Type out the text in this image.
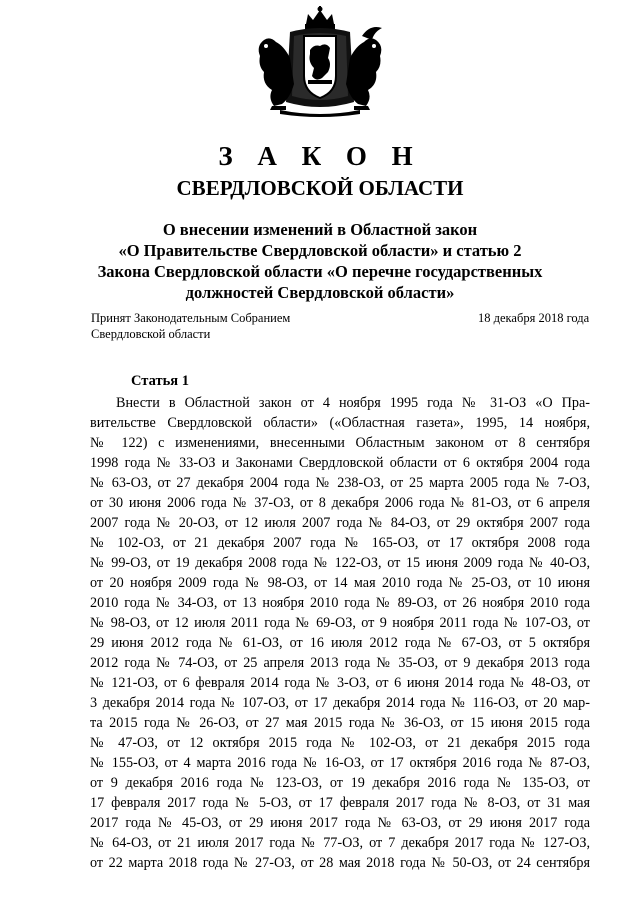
З А К О Н
СВЕРДЛОВСКОЙ ОБЛАСТИ
О внесении изменений в Областной закон
«О Правительстве Свердловской области» и статью 2
Закона Свердловской области «О перечне государственных
должностей Свердловской области»
Принят Законодательным Собранием
Свердловской области
18 декабря 2018 года
Статья 1
Внести в Областной закон от 4 ноября 1995 года № 31-ОЗ «О Пра-
вительстве Свердловской области» («Областная газета», 1995, 14 ноября,
№ 122) с изменениями, внесенными Областным законом от 8 сентября
1998 года № 33-ОЗ и Законами Свердловской области от 6 октября 2004 года
№ 63-ОЗ, от 27 декабря 2004 года № 238-ОЗ, от 25 марта 2005 года № 7-ОЗ,
от 30 июня 2006 года № 37-ОЗ, от 8 декабря 2006 года № 81-ОЗ, от 6 апреля
2007 года № 20-ОЗ, от 12 июля 2007 года № 84-ОЗ, от 29 октября 2007 года
№ 102-ОЗ, от 21 декабря 2007 года № 165-ОЗ, от 17 октября 2008 года
№ 99-ОЗ, от 19 декабря 2008 года № 122-ОЗ, от 15 июня 2009 года № 40-ОЗ,
от 20 ноября 2009 года № 98-ОЗ, от 14 мая 2010 года № 25-ОЗ, от 10 июня
2010 года № 34-ОЗ, от 13 ноября 2010 года № 89-ОЗ, от 26 ноября 2010 года
№ 98-ОЗ, от 12 июля 2011 года № 69-ОЗ, от 9 ноября 2011 года № 107-ОЗ, от
29 июня 2012 года № 61-ОЗ, от 16 июля 2012 года № 67-ОЗ, от 5 октября
2012 года № 74-ОЗ, от 25 апреля 2013 года № 35-ОЗ, от 9 декабря 2013 года
№ 121-ОЗ, от 6 февраля 2014 года № 3-ОЗ, от 6 июня 2014 года № 48-ОЗ, от
3 декабря 2014 года № 107-ОЗ, от 17 декабря 2014 года № 116-ОЗ, от 20 мар-
та 2015 года № 26-ОЗ, от 27 мая 2015 года № 36-ОЗ, от 15 июня 2015 года
№ 47-ОЗ, от 12 октября 2015 года № 102-ОЗ, от 21 декабря 2015 года
№ 155-ОЗ, от 4 марта 2016 года № 16-ОЗ, от 17 октября 2016 года № 87-ОЗ,
от 9 декабря 2016 года № 123-ОЗ, от 19 декабря 2016 года № 135-ОЗ, от
17 февраля 2017 года № 5-ОЗ, от 17 февраля 2017 года № 8-ОЗ, от 31 мая
2017 года № 45-ОЗ, от 29 июня 2017 года № 63-ОЗ, от 29 июня 2017 года
№ 64-ОЗ, от 21 июля 2017 года № 77-ОЗ, от 7 декабря 2017 года № 127-ОЗ,
от 22 марта 2018 года № 27-ОЗ, от 28 мая 2018 года № 50-ОЗ, от 24 сентября
